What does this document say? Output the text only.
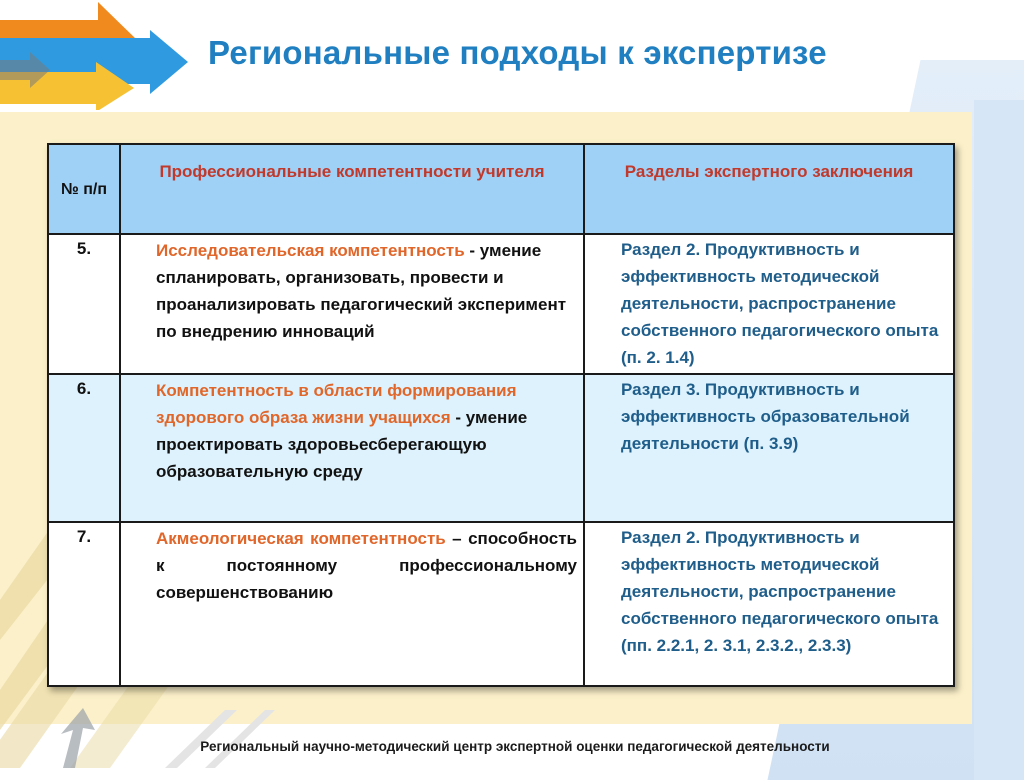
Региональные подходы к экспертизе
№ п/п	Профессиональные компетентности учителя	Разделы экспертного заключения

5.	Исследовательская компетентность - умение спланировать, организовать, провести и проанализировать педагогический эксперимент по внедрению инноваций	Раздел 2. Продуктивность и эффективность методической деятельности, распространение собственного педагогического опыта (п. 2. 1.4)

6.	Компетентность в области формирования здорового образа жизни учащихся - умение проектировать здоровьесберегающую образовательную среду	Раздел 3. Продуктивность и эффективность образовательной деятельности (п. 3.9)

7.	Акмеологическая компетентность – способность к постоянному профессиональному совершенствованию	Раздел 2. Продуктивность и эффективность методической деятельности, распространение собственного педагогического опыта (пп. 2.2.1, 2. 3.1, 2.3.2., 2.3.3)

Региональный научно-методический центр экспертной оценки педагогической деятельности
